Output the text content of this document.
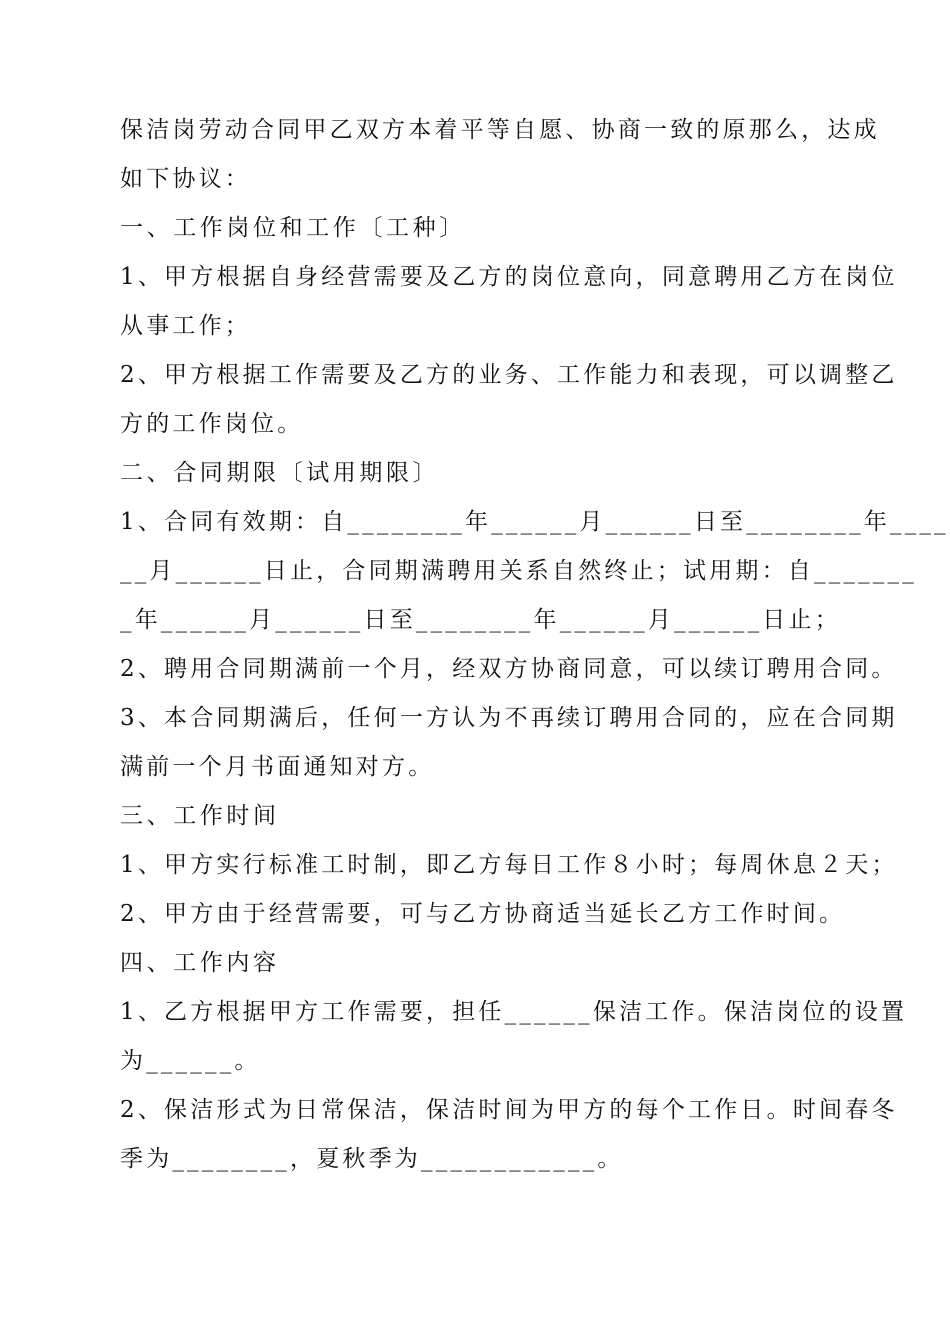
保洁岗劳动合同甲乙双方本着平等自愿、协商一致的原那么，达成
如下协议：
一、工作岗位和工作〔工种〕
1、甲方根据自身经营需要及乙方的岗位意向，同意聘用乙方在岗位
从事工作；
2、甲方根据工作需要及乙方的业务、工作能力和表现，可以调整乙
方的工作岗位。
二、合同期限〔试用期限〕
1、合同有效期：自________年______月______日至________年____
__月______日止，合同期满聘用关系自然终止；试用期：自_______
_年______月______日至________年______月______日止；
2、聘用合同期满前一个月，经双方协商同意，可以续订聘用合同。
3、本合同期满后，任何一方认为不再续订聘用合同的，应在合同期
满前一个月书面通知对方。
三、工作时间
1、甲方实行标准工时制，即乙方每日工作８小时；每周休息２天；
2、甲方由于经营需要，可与乙方协商适当延长乙方工作时间。
四、工作内容
1、乙方根据甲方工作需要，担任______保洁工作。保洁岗位的设置
为______。
2、保洁形式为日常保洁，保洁时间为甲方的每个工作日。时间春冬
季为________，夏秋季为____________。
